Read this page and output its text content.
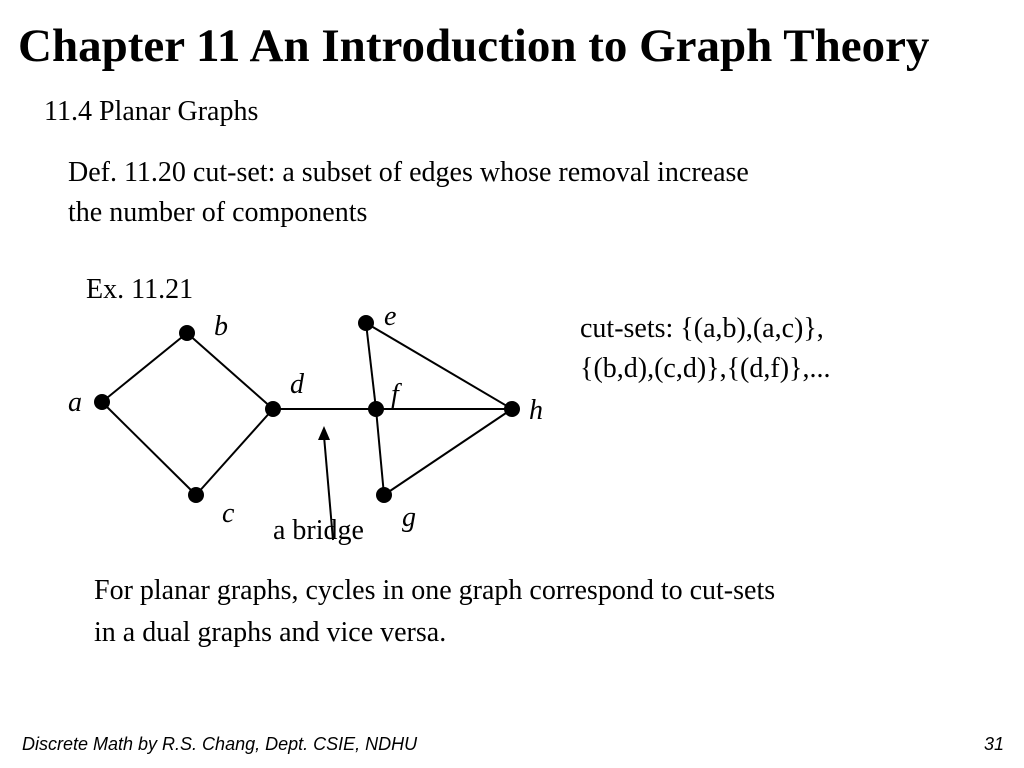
Chapter 11 An Introduction to Graph Theory
11.4 Planar Graphs
Def. 11.20 cut-set: a subset of edges whose removal increase
the number of components
Ex. 11.21
a
b
c
d
e
f
g
h
a bridge
cut-sets: {(a,b),(a,c)},
{(b,d),(c,d)},{(d,f)},...
For planar graphs, cycles in one graph correspond to cut-sets
in a dual graphs and vice versa.
Discrete Math by R.S. Chang, Dept. CSIE, NDHU	31
